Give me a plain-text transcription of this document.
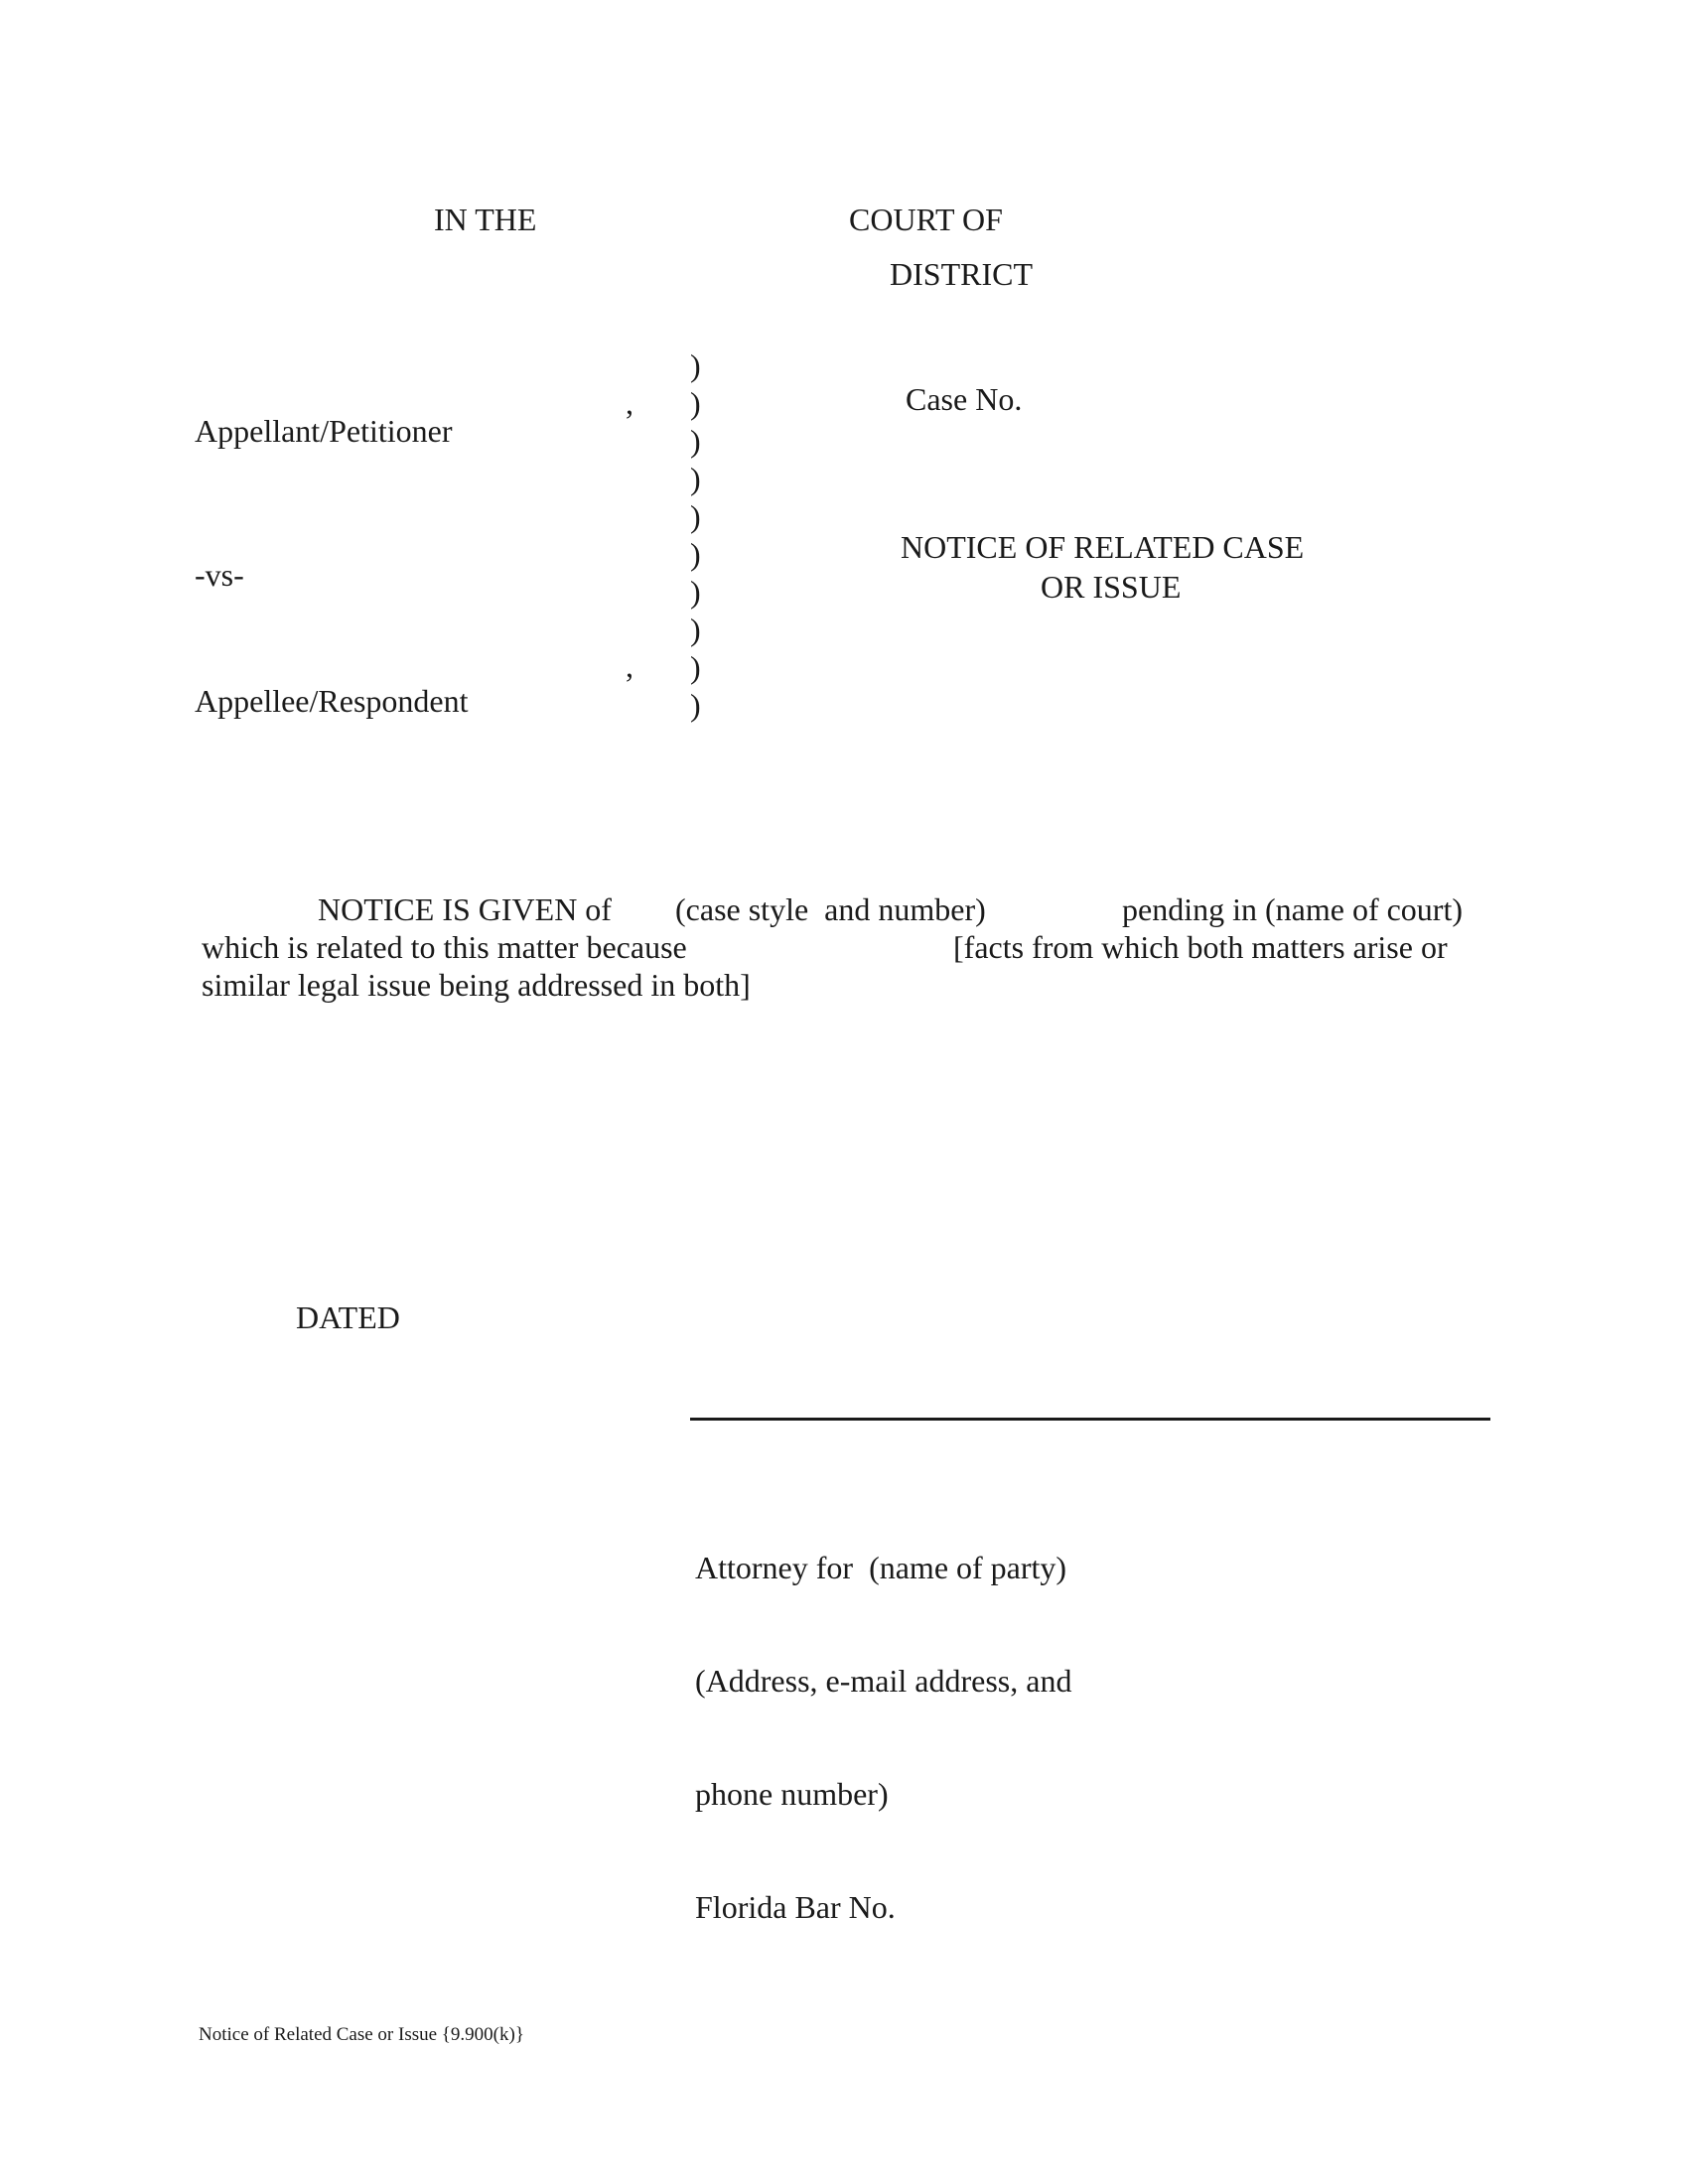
IN THE	COURT OF
DISTRICT
Appellant/Petitioner
,
-vs-
Appellee/Respondent
,
)
)
)
)
)
)
)
)
)
)
Case No.
NOTICE OF RELATED CASE
OR ISSUE
NOTICE IS GIVEN of (case style  and number)	pending in (name of court)
which is related to this matter because	[facts from which both matters arise or
similar legal issue being addressed in both]
DATED

Attorney for  (name of party)

(Address, e-mail address, and

phone number)

Florida Bar No.

Notice of Related Case or Issue {9.900(k)}
